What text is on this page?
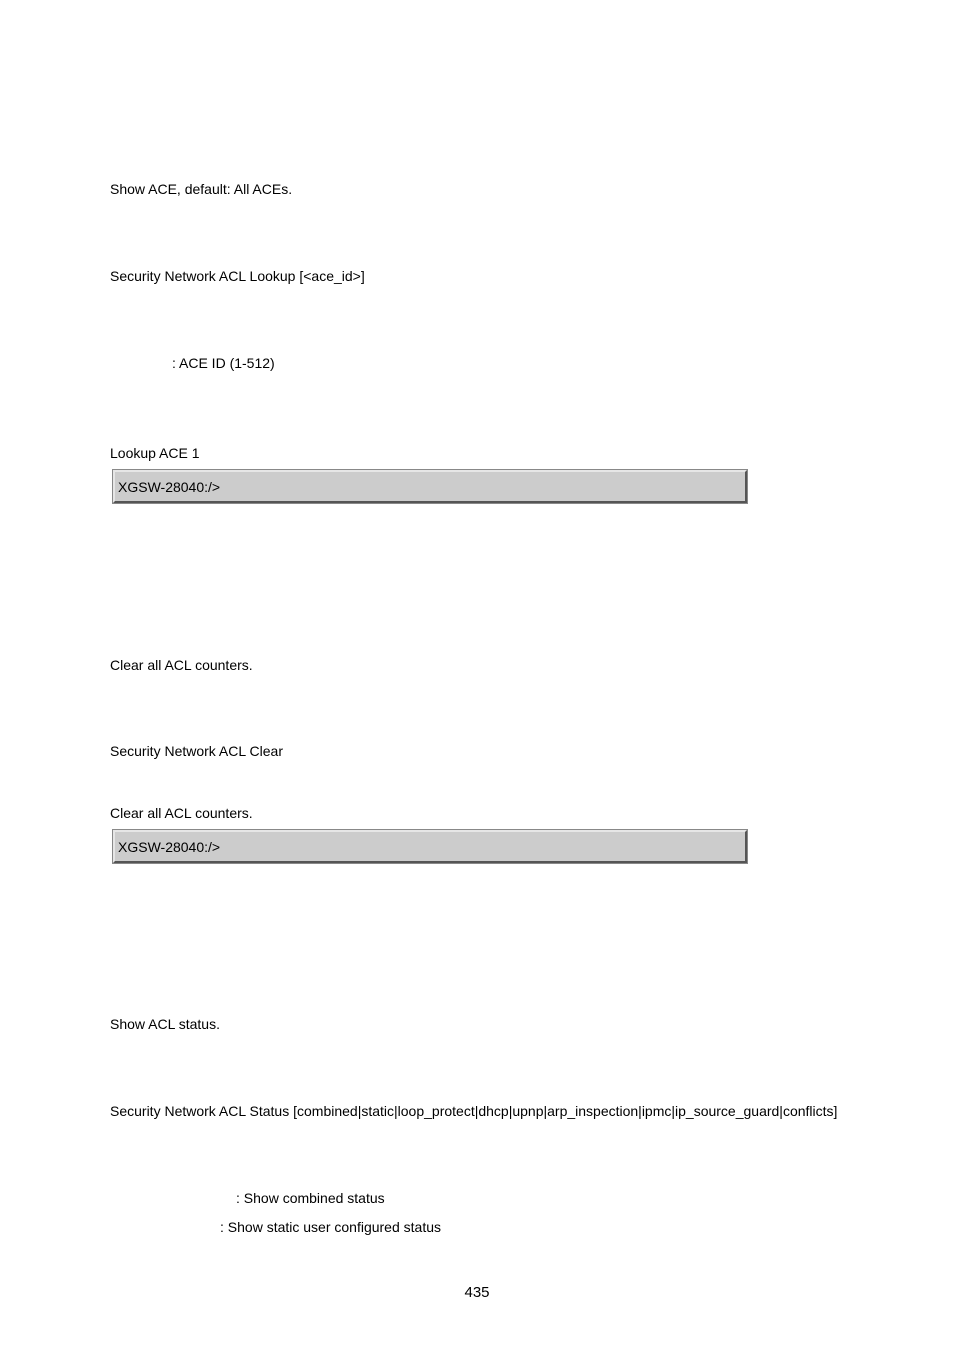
Show ACE, default: All ACEs.
Security Network ACL Lookup [<ace_id>]
: ACE ID (1-512)
Lookup ACE 1
XGSW-28040:/>
Clear all ACL counters.
Security Network ACL Clear
Clear all ACL counters.
XGSW-28040:/>
Show ACL status.
Security Network ACL Status [combined|static|loop_protect|dhcp|upnp|arp_inspection|ipmc|ip_source_guard|conflicts]
: Show combined status
: Show static user configured status
435
